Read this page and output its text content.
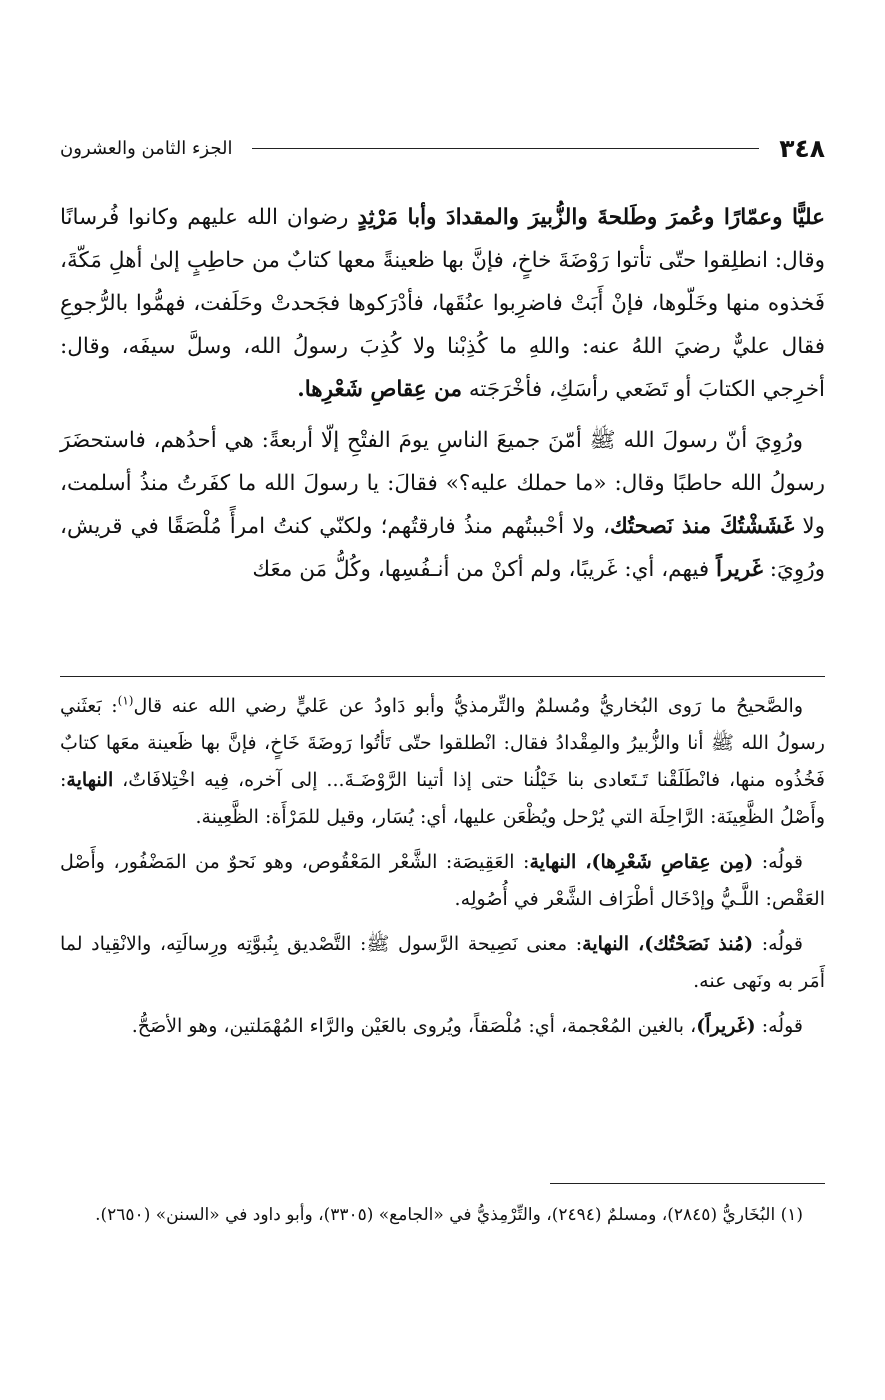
٣٤٨
الجزء الثامن والعشرون

عليًّا وعمّارًا وعُمرَ وطَلحةَ والزُّبيرَ والمقدادَ وأبا مَرْثِدٍ رضوان الله عليهم وكانوا فُرسانًا وقال: انطلِقوا حتّى تأتوا رَوْضَةَ خاخٍ، فإنَّ بها ظعينةً معها كتابٌ من حاطِبٍ إلىٰ أهلِ مَكّةَ، فَخذوه منها وخَلّوها، فإنْ أَبَتْ فاضرِبوا عنُقَها، فأدْرَكوها فجَحدتْ وحَلَفت، فهمُّوا بالرُّجوعِ فقال عليٌّ رضيَ اللهُ عنه: واللهِ ما كُذِبْنا ولا كُذِبَ رسولُ الله، وسلَّ سيفَه، وقال: أخرِجي الكتابَ أو تَضَعي رأسَكِ، فأخْرَجَته من عِقاصِ شَعْرِها.

ورُوِيَ أنّ رسولَ الله ﷺ أمّنَ جميعَ الناسِ يومَ الفتْحِ إلّا أربعةً: هي أحدُهم، فاستحضَرَ رسولُ الله حاطبًا وقال: «ما حملك عليه؟» فقالَ: يا رسولَ الله ما كفَرتُ منذُ أسلمت، ولا غَشَشْتُكَ منذ نَصحتُك، ولا أحْببتُهم منذُ فارقتُهم؛ ولكنّي كنتُ امرأً مُلْصَقًا في قريش، ورُوِيَ: غَريراً فيهم، أي: غَريبًا، ولم أكنْ من أنـفُسِها، وكُلُّ مَن معَك

والصَّحيحُ ما رَوى البُخاريُّ ومُسلمٌ والتِّرمذيُّ وأبو دَاودُ عن عَليٍّ رضي الله عنه قال$^{(١)}$: بَعثَني رسولُ الله ﷺ أنا والزُّبيرُ والمِقْدادُ فقال: انْطلقوا حتّى تَأتُوا رَوضَةَ خَاخٍ، فإنَّ بها ظَعينة معَها كتابٌ فَخُذُوه منها، فانْطَلَقْنا تَـتَعادى بنا خَيْلُنا حتى إذا أتينا الرَّوْضَـةَ... إلى آخره، فِيه اخْتِلافَاتٌ، النهاية: وأَصْلُ الظَّعِينَة: الرَّاحِلَة التي يُرْحل ويُظْعَن عليها، أي: يُسَار، وقيل للمَرْأَة: الظَّعِينة.

قولُه: (مِن عِقاصِ شَعْرِها)، النهاية: العَقِيصَة: الشَّعْر المَعْقُوص، وهو نَحوٌ من المَضْفُور، وأَصْل العَقْص: اللَّـيُّ وإدْخَال أطْرَاف الشَّعْر في أُصُولِه.

قولُه: (مُنذ نَصَحْتُك)، النهاية: معنى نَصِيحة الرَّسول ﷺ: التَّصْديق بِنُبوَّتِه ورِسالَتِه، والانْقِياد لما أَمَر به ونَهى عنه.

قولُه: (غَريراً)، بالغين المُعْجمة، أي: مُلْصَقاً، ويُروى بالعَيْن والرَّاء المُهْمَلتين، وهو الأصَحُّ.

(١) البُخَاريُّ (٢٨٤٥)، ومسلمٌ (٢٤٩٤)، والتِّرْمِذيُّ في «الجامع» (٣٣٠٥)، وأبو داود في «السنن» (٢٦٥٠).
